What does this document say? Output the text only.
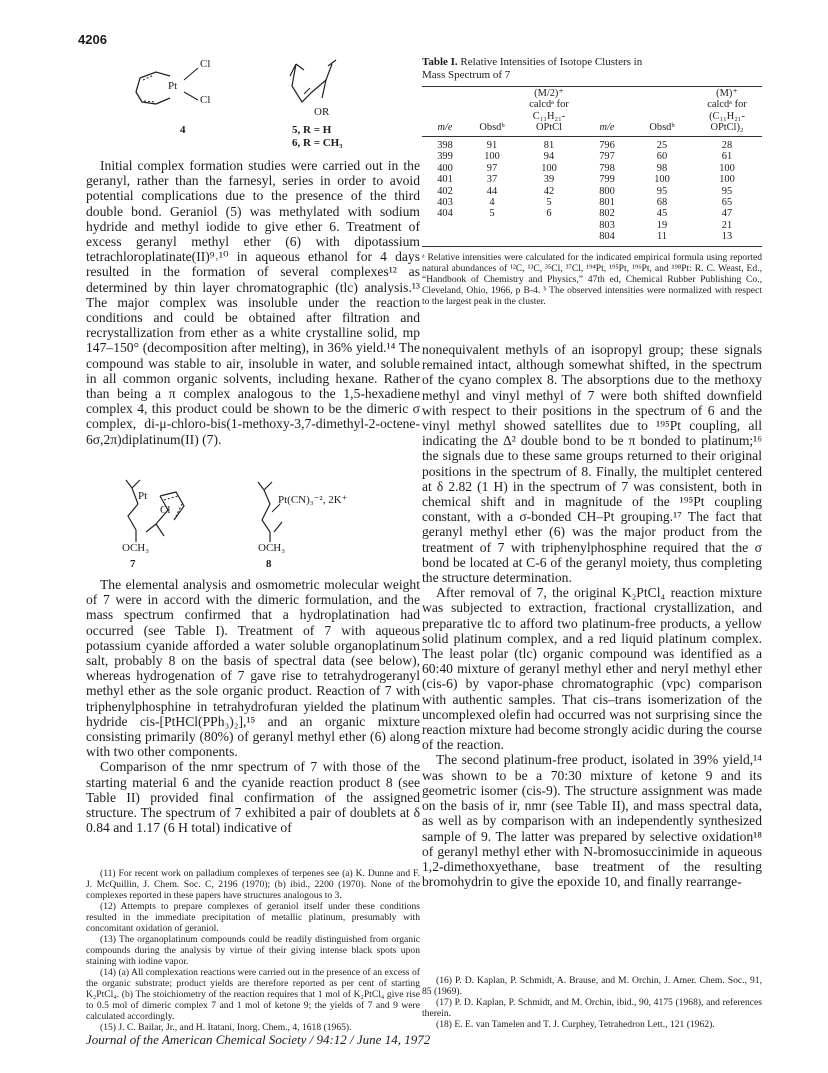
4206
Pt
Cl
Cl
4
OR
5, R = H
6, R = CH₃

Initial complex formation studies were carried out in the geranyl, rather than the farnesyl, series in order to avoid potential complications due to the presence of the third double bond. Geraniol (5) was methylated with sodium hydride and methyl iodide to give ether 6. Treatment of excess geranyl methyl ether (6) with dipotassium tetrachloroplatinate(II)⁹˒¹⁰ in aqueous ethanol for 4 days resulted in the formation of several complexes¹² as determined by thin layer chromatographic (tlc) analysis.¹³ The major complex was insoluble under the reaction conditions and could be obtained after filtration and recrystallization from ether as a white crystalline solid, mp 147–150° (decomposition after melting), in 36% yield.¹⁴ The compound was stable to air, insoluble in water, and soluble in all common organic solvents, including hexane. Rather than being a π complex analogous to the 1,5-hexadiene complex 4, this product could be shown to be the dimeric σ complex, di-μ-chloro-bis(1-methoxy-3,7-dimethyl-2-octene-6σ,2π)diplatinum(II) (7).

Pt
Cl
OCH₃
7
Pt(CN)₃⁻², 2K⁺
OCH₃
8

The elemental analysis and osmometric molecular weight of 7 were in accord with the dimeric formulation, and the mass spectrum confirmed that a hydroplatination had occurred (see Table I). Treatment of 7 with aqueous potassium cyanide afforded a water soluble organoplatinum salt, probably 8 on the basis of spectral data (see below), whereas hydrogenation of 7 gave rise to tetrahydrogeranyl methyl ether as the sole organic product. Reaction of 7 with triphenylphosphine in tetrahydrofuran yielded the platinum hydride cis-[PtHCl(PPh₃)₂],¹⁵ and an organic mixture consisting primarily (80%) of geranyl methyl ether (6) along with two other components.

Comparison of the nmr spectrum of 7 with those of the starting material 6 and the cyanide reaction product 8 (see Table II) provided final confirmation of the assigned structure. The spectrum of 7 exhibited a pair of doublets at δ 0.84 and 1.17 (6 H total) indicative of

(11) For recent work on palladium complexes of terpenes see (a) K. Dunne and F. J. McQuillin, J. Chem. Soc. C, 2196 (1970); (b) ibid., 2200 (1970). None of the complexes reported in these papers have structures analogous to 3.

(12) Attempts to prepare complexes of geraniol itself under these conditions resulted in the immediate precipitation of metallic platinum, presumably with concomitant oxidation of geraniol.

(13) The organoplatinum compounds could be readily distinguished from organic compounds during the analysis by virtue of their giving intense black spots upon staining with iodine vapor.

(14) (a) All complexation reactions were carried out in the presence of an excess of the organic substrate; product yields are therefore reported as per cent of starting K₂PtCl₄. (b) The stoichiometry of the reaction requires that 1 mol of K₂PtCl₄ give rise to 0.5 mol of dimeric complex 7 and 1 mol of ketone 9; the yields of 7 and 9 were calculated accordingly.

(15) J. C. Bailar, Jr., and H. Itatani, Inorg. Chem., 4, 1618 (1965).

Table I. Relative Intensities of Isotope Clusters in Mass Spectrum of 7
		(M/2)⁺			(M)⁺
		calcdᵃ for			calcdᵃ for
		C₁₁H₂₁-			(C₁₁H₂₁-
m/e	Obsdᵇ	OPtCl	m/e	Obsdᵇ	OPtCl)₂
398	91	81	796	25	28
399	100	94	797	60	61
400	97	100	798	98	100
401	37	39	799	100	100
402	44	42	800	95	95
403	4	5	801	68	65
404	5	6	802	45	47
			803	19	21
			804	11	13
ᵃ Relative intensities were calculated for the indicated empirical formula using reported natural abundances of ¹²C, ¹³C, ³⁵Cl, ³⁷Cl, ¹⁹⁴Pt, ¹⁹⁵Pt, ¹⁹⁶Pt, and ¹⁹⁸Pt: R. C. Weast, Ed., “Handbook of Chemistry and Physics,” 47th ed, Chemical Rubber Publishing Co., Cleveland, Ohio, 1966, p B-4. ᵇ The observed intensities were normalized with respect to the largest peak in the cluster.

nonequivalent methyls of an isopropyl group; these signals remained intact, although somewhat shifted, in the spectrum of the cyano complex 8. The absorptions due to the methoxy methyl and vinyl methyl of 7 were both shifted downfield with respect to their positions in the spectrum of 6 and the vinyl methyl showed satellites due to ¹⁹⁵Pt coupling, all indicating the Δ² double bond to be π bonded to platinum;¹⁶ the signals due to these same groups returned to their original positions in the spectrum of 8. Finally, the multiplet centered at δ 2.82 (1 H) in the spectrum of 7 was consistent, both in chemical shift and in magnitude of the ¹⁹⁵Pt coupling constant, with a σ-bonded CH–Pt grouping.¹⁷ The fact that geranyl methyl ether (6) was the major product from the treatment of 7 with triphenylphosphine required that the σ bond be located at C-6 of the geranyl moiety, thus completing the structure determination.

After removal of 7, the original K₂PtCl₄ reaction mixture was subjected to extraction, fractional crystallization, and preparative tlc to afford two platinum-free products, a yellow solid platinum complex, and a red liquid platinum complex. The least polar (tlc) organic compound was identified as a 60:40 mixture of geranyl methyl ether and neryl methyl ether (cis-6) by vapor-phase chromatographic (vpc) comparison with authentic samples. That cis–trans isomerization of the uncomplexed olefin had occurred was not surprising since the reaction mixture had become strongly acidic during the course of the reaction.

The second platinum-free product, isolated in 39% yield,¹⁴ was shown to be a 70:30 mixture of ketone 9 and its geometric isomer (cis-9). The structure assignment was made on the basis of ir, nmr (see Table II), and mass spectral data, as well as by comparison with an independently synthesized sample of 9. The latter was prepared by selective oxidation¹⁸ of geranyl methyl ether with N-bromosuccinimide in aqueous 1,2-dimethoxyethane, base treatment of the resulting bromohydrin to give the epoxide 10, and finally rearrange-

(16) P. D. Kaplan, P. Schmidt, A. Brause, and M. Orchin, J. Amer. Chem. Soc., 91, 85 (1969).

(17) P. D. Kaplan, P. Schmidt, and M. Orchin, ibid., 90, 4175 (1968), and references therein.

(18) E. E. van Tamelen and T. J. Curphey, Tetrahedron Lett., 121 (1962).

Journal of the American Chemical Society / 94:12 / June 14, 1972
